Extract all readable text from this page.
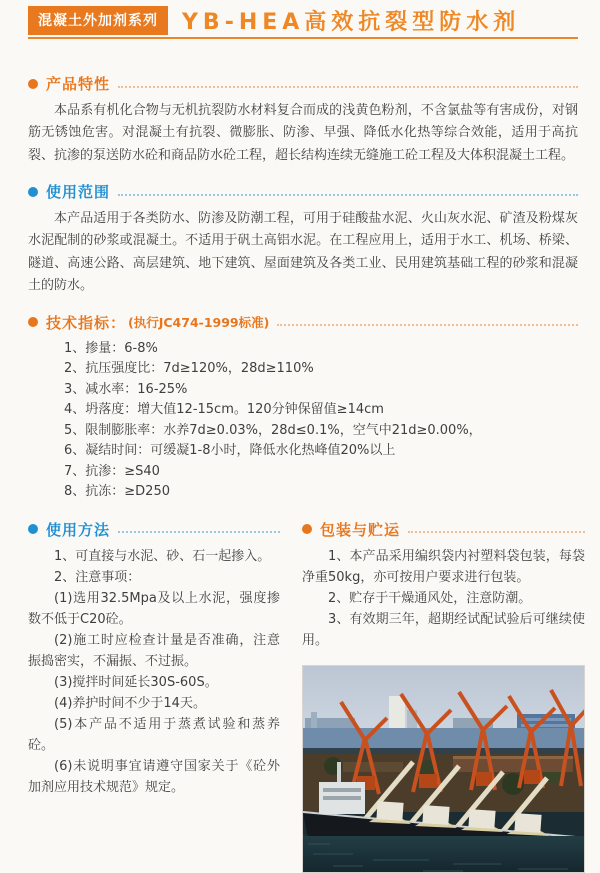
混凝土外加剂系列	YB-HEA高效抗裂型防水剂
产品特性

本品系有机化合物与无机抗裂防水材料复合而成的浅黄色粉剂，不含氯盐等有害成份，对钢筋无锈蚀危害。对混凝土有抗裂、微膨胀、防渗、早强、降低水化热等综合效能，适用于高抗裂、抗渗的泵送防水砼和商品防水砼工程，超长结构连续无缝施工砼工程及大体积混凝土工程。

使用范围

本产品适用于各类防水、防渗及防潮工程，可用于硅酸盐水泥、火山灰水泥、矿渣及粉煤灰水泥配制的砂浆或混凝土。不适用于矾土高铝水泥。在工程应用上，适用于水工、机场、桥梁、隧道、高速公路、高层建筑、地下建筑、屋面建筑及各类工业、民用建筑基础工程的砂浆和混凝土的防水。

技术指标： (执行JC474-1999标准)

1、掺量：6-8%

2、抗压强度比：7d≥120%，28d≥110%

3、减水率：16-25%

4、坍落度：增大值12-15cm。120分钟保留值≥14cm

5、限制膨胀率：水养7d≥0.03%，28d≤0.1%，空气中21d≥0.00%，

6、凝结时间：可缓凝1-8小时，降低水化热峰值20%以上

7、抗渗：≥S40

8、抗冻：≥D250

使用方法

1、可直接与水泥、砂、石一起掺入。

2、注意事项：

(1)选用32.5Mpa及以上水泥，强度掺数不低于C20砼。

(2)施工时应检查计量是否准确，注意振捣密实，不漏振、不过振。

(3)搅拌时间延长30S-60S。

(4)养护时间不少于14天。

(5)本产品不适用于蒸煮试验和蒸养砼。

(6)未说明事宜请遵守国家关于《砼外加剂应用技术规范》规定。

包装与贮运

1、本产品采用编织袋内衬塑料袋包装，每袋净重50kg，亦可按用户要求进行包装。

2、贮存于干燥通风处，注意防潮。

3、有效期三年，超期经试配试验后可继续使用。
